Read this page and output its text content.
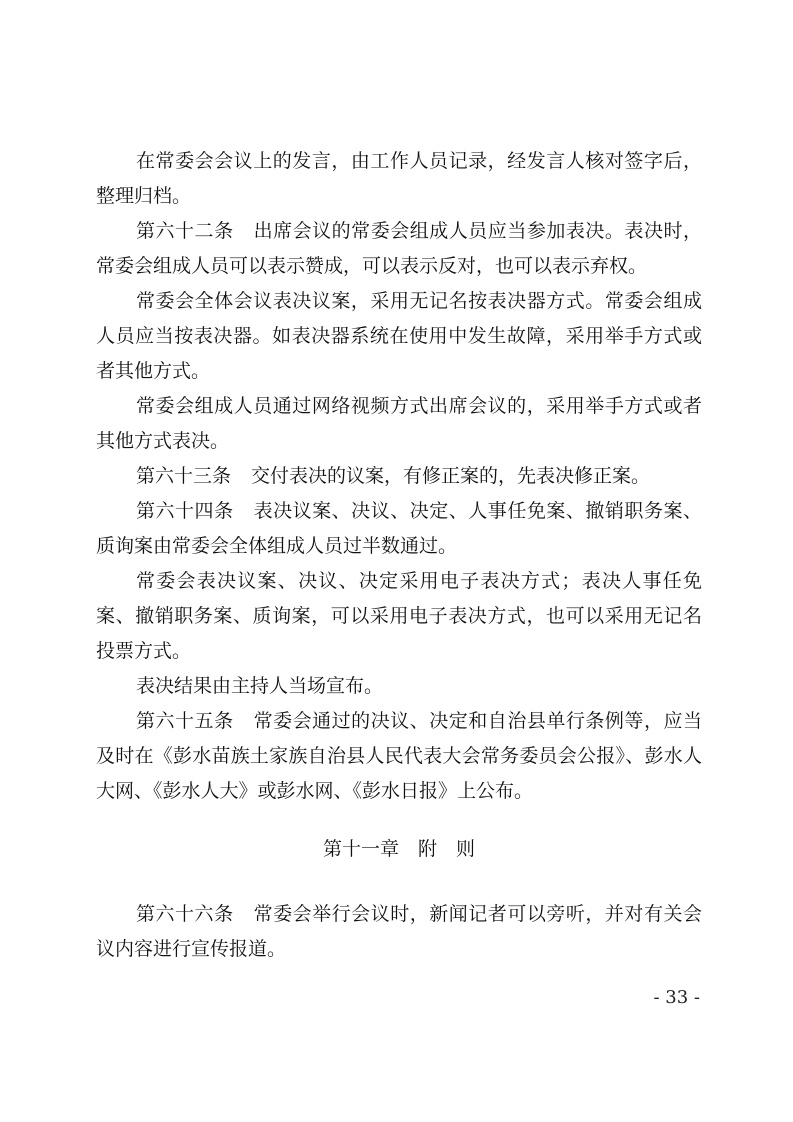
在常委会会议上的发言，由工作人员记录，经发言人核对签字后，整理归档。

第六十二条 出席会议的常委会组成人员应当参加表决。表决时，常委会组成人员可以表示赞成，可以表示反对，也可以表示弃权。

常委会全体会议表决议案，采用无记名按表决器方式。常委会组成人员应当按表决器。如表决器系统在使用中发生故障，采用举手方式或者其他方式。

常委会组成人员通过网络视频方式出席会议的，采用举手方式或者其他方式表决。

第六十三条 交付表决的议案，有修正案的，先表决修正案。

第六十四条 表决议案、决议、决定、人事任免案、撤销职务案、质询案由常委会全体组成人员过半数通过。

常委会表决议案、决议、决定采用电子表决方式；表决人事任免案、撤销职务案、质询案，可以采用电子表决方式，也可以采用无记名投票方式。

表决结果由主持人当场宣布。

第六十五条 常委会通过的决议、决定和自治县单行条例等，应当及时在《彭水苗族土家族自治县人民代表大会常务委员会公报》、彭水人大网、《彭水人大》或彭水网、《彭水日报》上公布。

第十一章　附　则

第六十六条 常委会举行会议时，新闻记者可以旁听，并对有关会议内容进行宣传报道。

- 33 -
